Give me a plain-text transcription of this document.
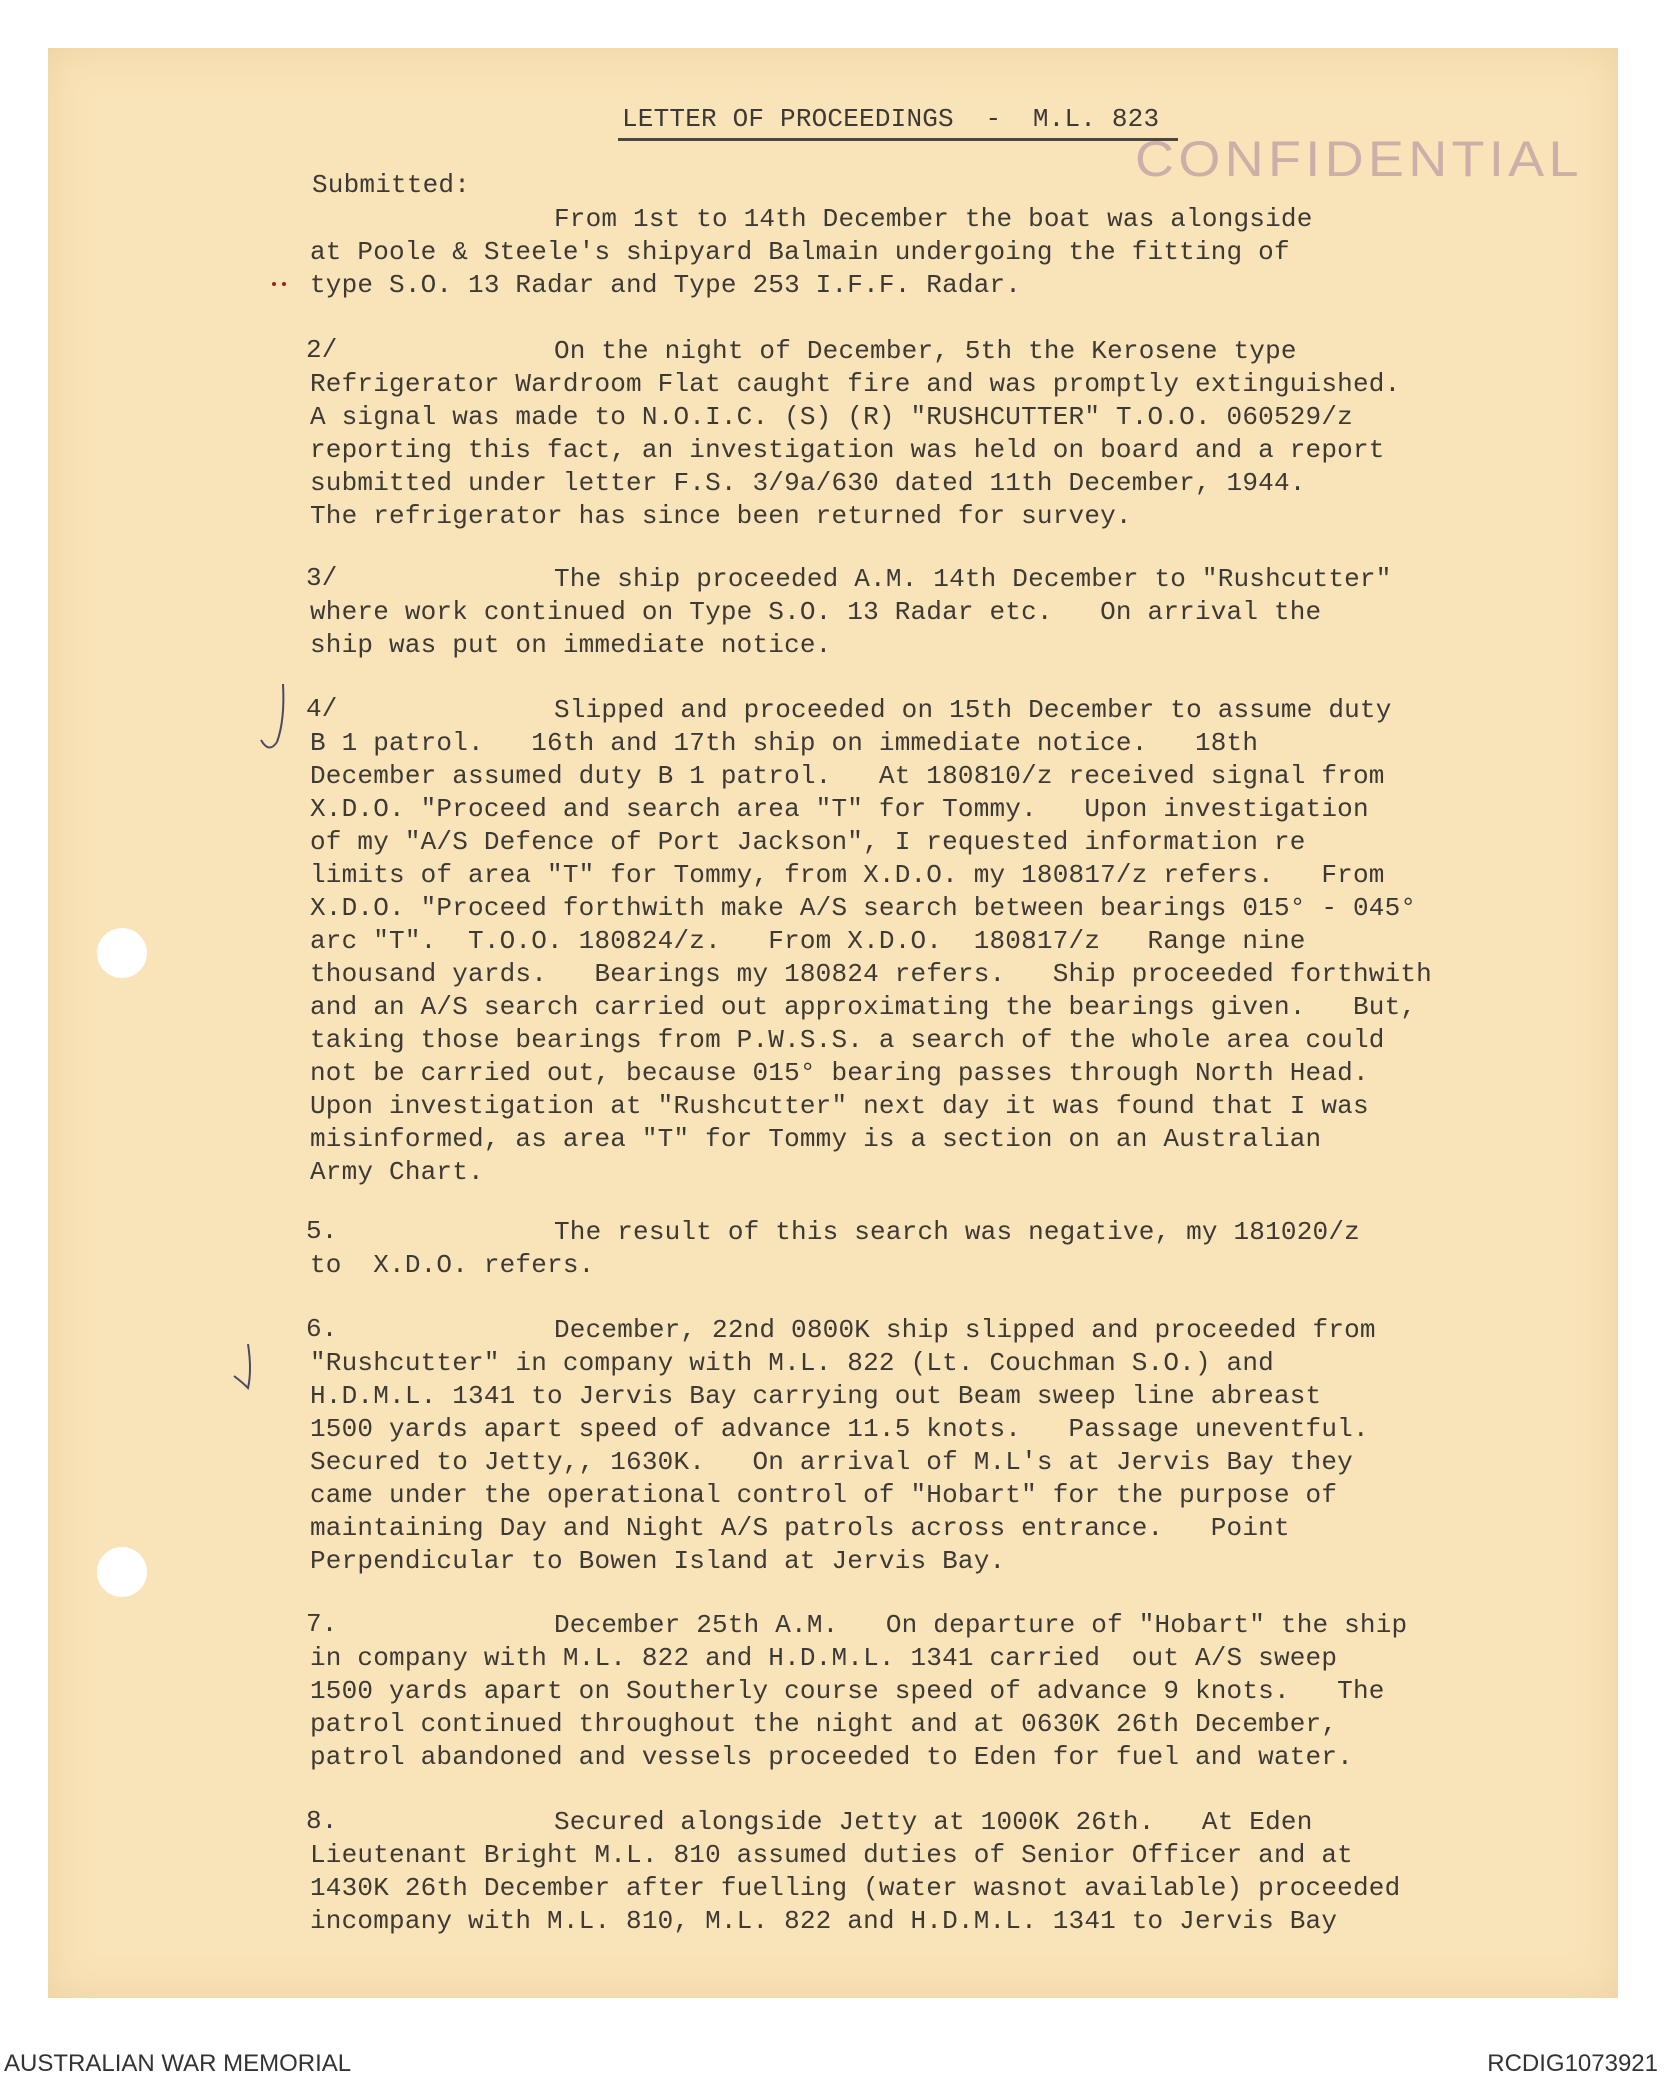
LETTER OF PROCEEDINGS  -  M.L. 823
CONFIDENTIAL
Submitted:
From 1st to 14th December the boat was alongside
at Poole & Steele's shipyard Balmain undergoing the fitting of
type S.O. 13 Radar and Type 253 I.F.F. Radar.
2/	On the night of December, 5th the Kerosene type
Refrigerator Wardroom Flat caught fire and was promptly extinguished.
A signal was made to N.O.I.C. (S) (R) "RUSHCUTTER" T.O.O. 060529/z
reporting this fact, an investigation was held on board and a report
submitted under letter F.S. 3/9a/630 dated 11th December, 1944.
The refrigerator has since been returned for survey.
3/	The ship proceeded A.M. 14th December to "Rushcutter"
where work continued on Type S.O. 13 Radar etc.   On arrival the
ship was put on immediate notice.
4/	Slipped and proceeded on 15th December to assume duty
B 1 patrol.   16th and 17th ship on immediate notice.   18th
December assumed duty B 1 patrol.   At 180810/z received signal from
X.D.O. "Proceed and search area "T" for Tommy.   Upon investigation
of my "A/S Defence of Port Jackson", I requested information re
limits of area "T" for Tommy, from X.D.O. my 180817/z refers.   From
X.D.O. "Proceed forthwith make A/S search between bearings 015° - 045°
arc "T".  T.O.O. 180824/z.   From X.D.O.  180817/z   Range nine
thousand yards.   Bearings my 180824 refers.   Ship proceeded forthwith
and an A/S search carried out approximating the bearings given.   But,
taking those bearings from P.W.S.S. a search of the whole area could
not be carried out, because 015° bearing passes through North Head.
Upon investigation at "Rushcutter" next day it was found that I was
misinformed, as area "T" for Tommy is a section on an Australian
Army Chart.
5.	The result of this search was negative, my 181020/z
to  X.D.O. refers.
6.	December, 22nd 0800K ship slipped and proceeded from
"Rushcutter" in company with M.L. 822 (Lt. Couchman S.O.) and
H.D.M.L. 1341 to Jervis Bay carrying out Beam sweep line abreast
1500 yards apart speed of advance 11.5 knots.   Passage uneventful.
Secured to Jetty,, 1630K.   On arrival of M.L's at Jervis Bay they
came under the operational control of "Hobart" for the purpose of
maintaining Day and Night A/S patrols across entrance.   Point
Perpendicular to Bowen Island at Jervis Bay.
7.	December 25th A.M.   On departure of "Hobart" the ship
in company with M.L. 822 and H.D.M.L. 1341 carried  out A/S sweep
1500 yards apart on Southerly course speed of advance 9 knots.   The
patrol continued throughout the night and at 0630K 26th December,
patrol abandoned and vessels proceeded to Eden for fuel and water.
8.	Secured alongside Jetty at 1000K 26th.   At Eden
Lieutenant Bright M.L. 810 assumed duties of Senior Officer and at
1430K 26th December after fuelling (water wasnot available) proceeded
incompany with M.L. 810, M.L. 822 and H.D.M.L. 1341 to Jervis Bay
AUSTRALIAN WAR MEMORIAL	RCDIG1073921
